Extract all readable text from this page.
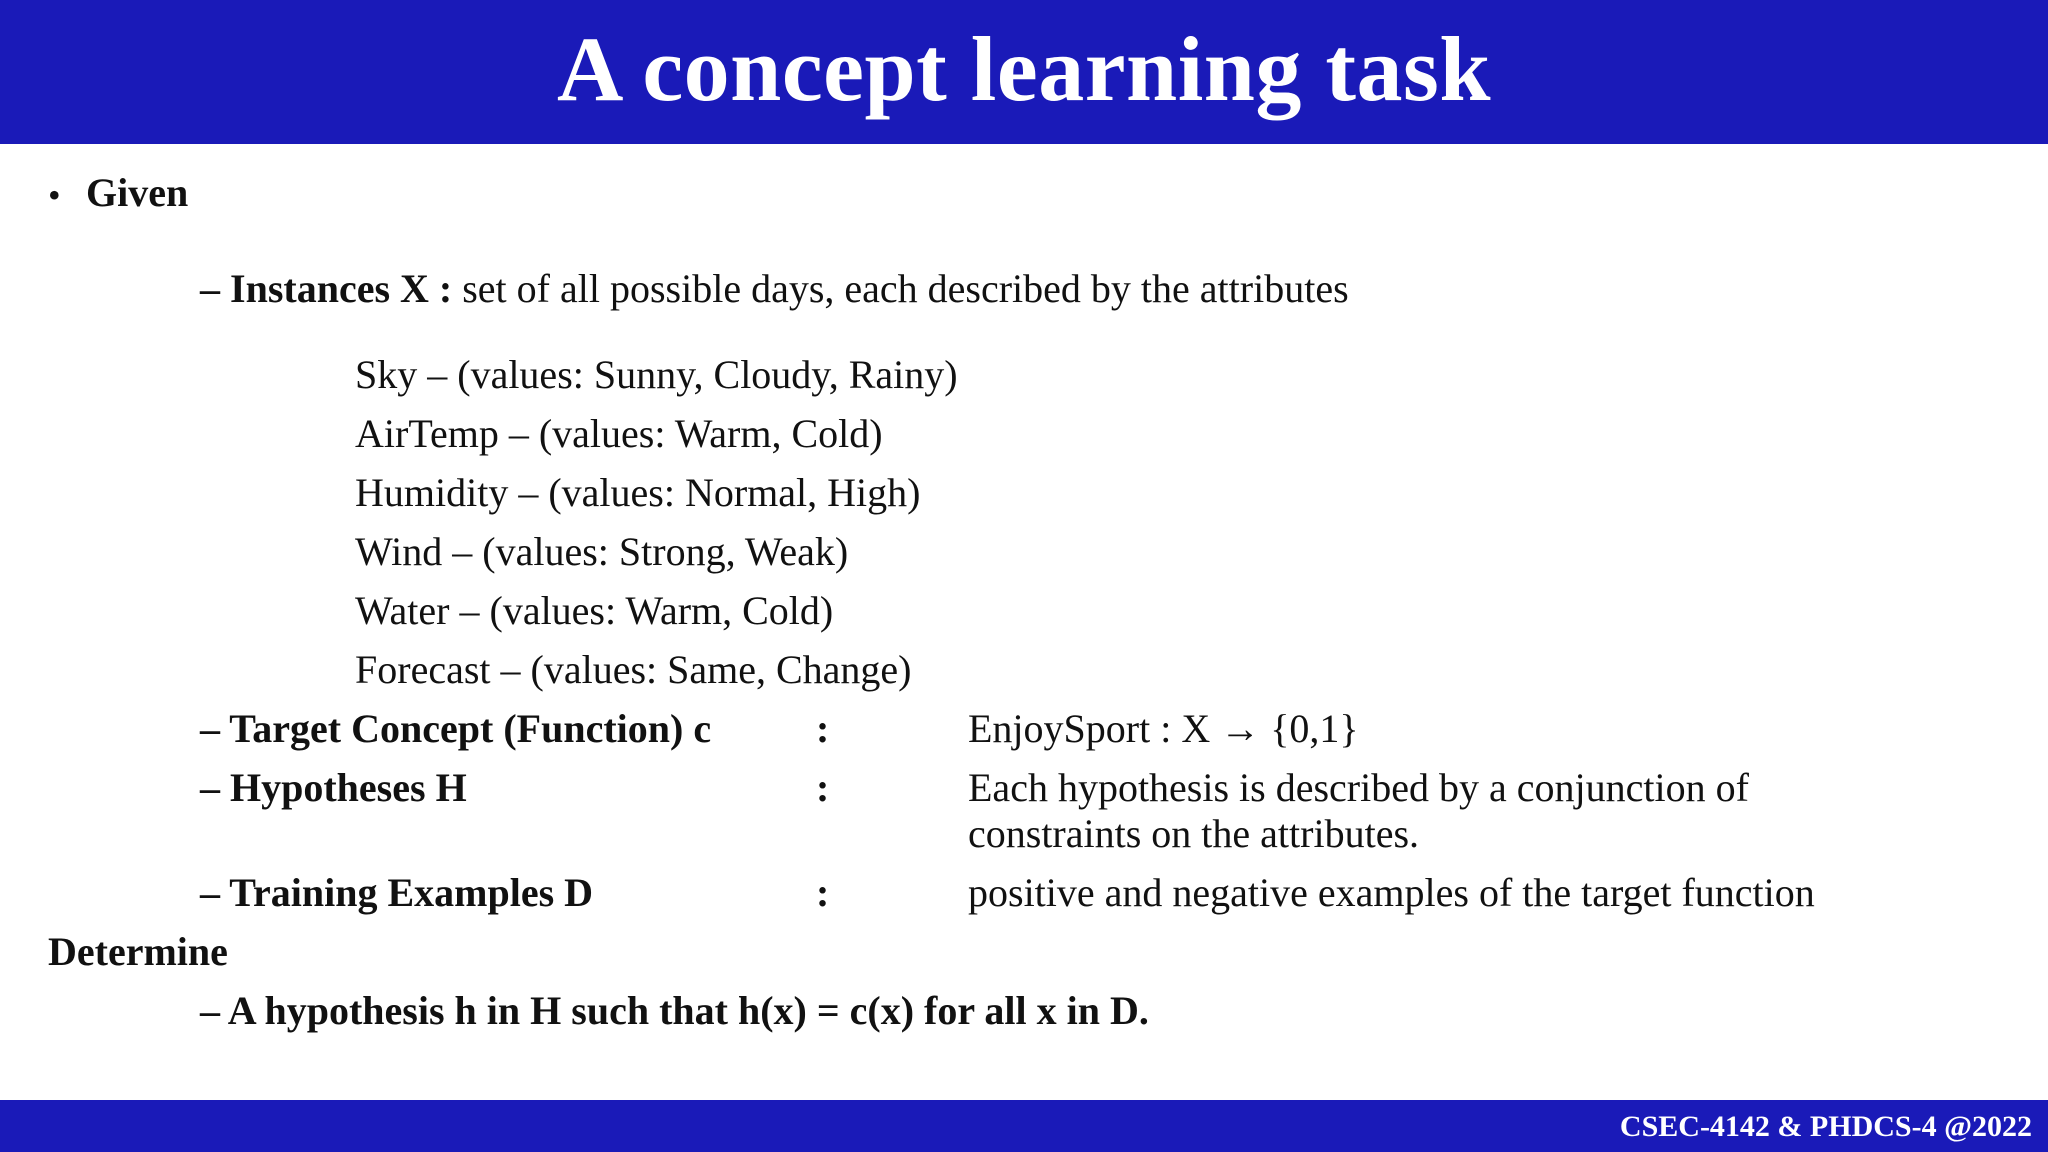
A concept learning task
• Given
– Instances X : set of all possible days, each described by the attributes
Sky – (values: Sunny, Cloudy, Rainy)
AirTemp – (values: Warm, Cold)
Humidity – (values: Normal, High)
Wind – (values: Strong, Weak)
Water – (values: Warm, Cold)
Forecast – (values: Same, Change)
– Target Concept (Function) c	:	EnjoySport : X → {0,1}
– Hypotheses H	:	Each hypothesis is described by a conjunction of
constraints on the attributes.
– Training Examples D	:	positive and negative examples of the target function
Determine
– A hypothesis h in H such that h(x) = c(x) for all x in D.
CSEC-4142 & PHDCS-4 @2022
